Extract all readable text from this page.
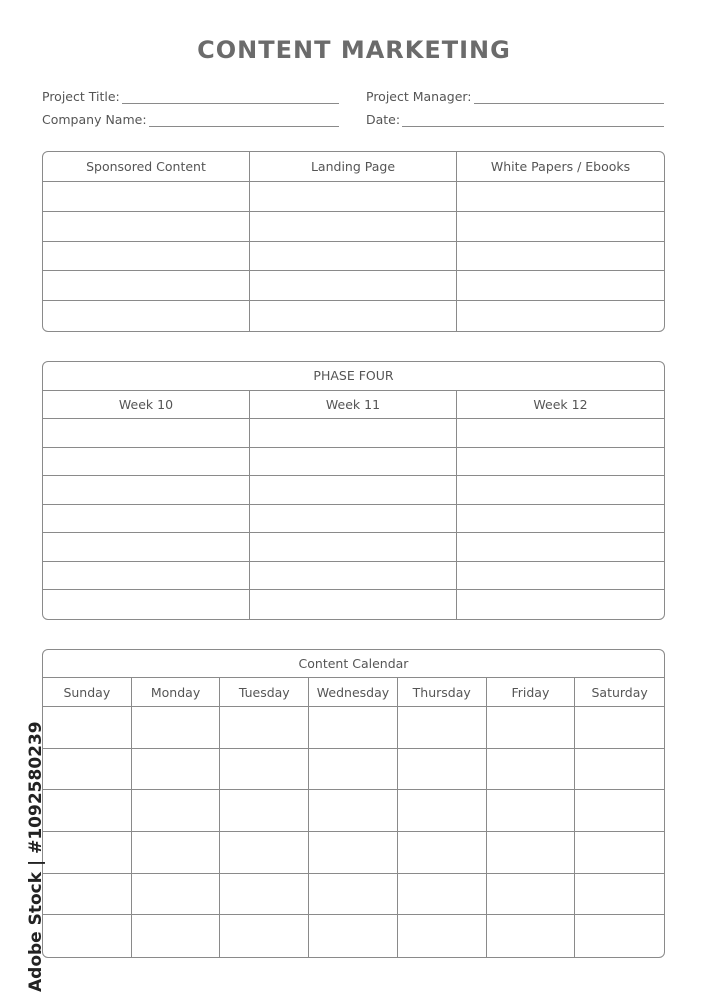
CONTENT MARKETING
Project Title:	Project Manager:
Company Name:	Date:
Sponsored Content	Landing Page	White Papers / Ebooks
PHASE FOUR
Week 10	Week 11	Week 12
Content Calendar
Sunday	Monday	Tuesday	Wednesday	Thursday	Friday	Saturday
Adobe Stock | #1092580239
